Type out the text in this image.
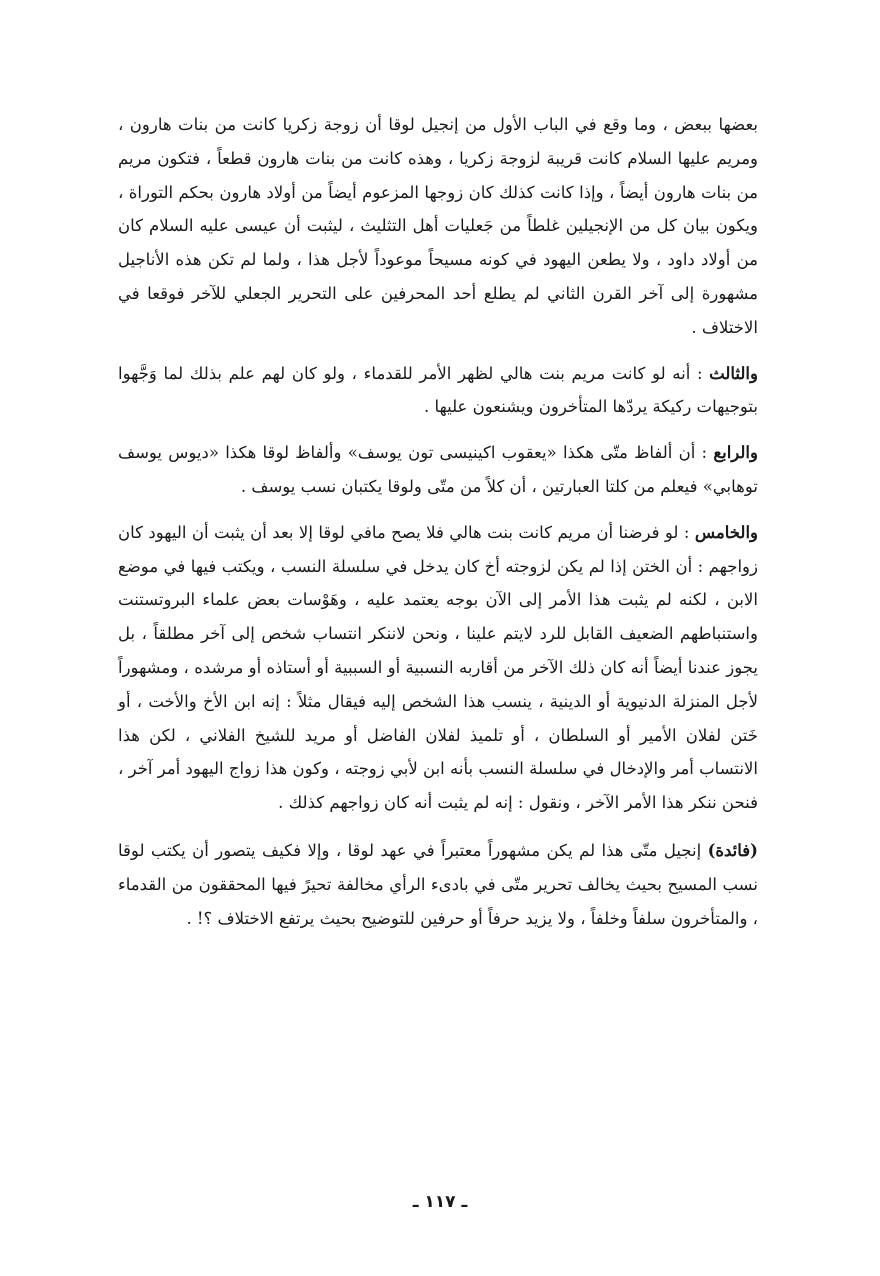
بعضها ببعض ، وما وقع في الباب الأول من إنجيل لوقا أن زوجة زكريا كانت من بنات هارون ، ومريم عليها السلام كانت قريبة لزوجة زكريا ، وهذه كانت من بنات هارون قطعاً ، فتكون مريم من بنات هارون أيضاً ، وإذا كانت كذلك كان زوجها المزعوم أيضاً من أولاد هارون بحكم التوراة ، ويكون بيان كل من الإنجيلين غلطاً من جَعليات أهل التثليث ، ليثبت أن عيسى عليه السلام كان من أولاد داود ، ولا يطعن اليهود في كونه مسيحاً موعوداً لأجل هذا ، ولما لم تكن هذه الأناجيل مشهورة إلى آخر القرن الثاني لم يطلع أحد المحرفين على التحرير الجعلي للآخر فوقعا في الاختلاف .

والثالث : أنه لو كانت مريم بنت هالي لظهر الأمر للقدماء ، ولو كان لهم علم بذلك لما وَجَّهوا بتوجيهات ركيكة يردّها المتأخرون ويشنعون عليها .

والرابع : أن ألفاظ متّى هكذا «يعقوب اكينيسى تون يوسف» وألفاظ لوقا هكذا «ديوس يوسف توهابي» فيعلم من كلتا العبارتين ، أن كلاً من متّى ولوقا يكتبان نسب يوسف .

والخامس : لو فرضنا أن مريم كانت بنت هالي فلا يصح مافي لوقا إلا بعد أن يثبت أن اليهود كان زواجهم : أن الختن إذا لم يكن لزوجته أخ كان يدخل في سلسلة النسب ، ويكتب فيها في موضع الابن ، لكنه لم يثبت هذا الأمر إلى الآن بوجه يعتمد عليه ، وهَوْسات بعض علماء البروتستنت واستنباطهم الضعيف القابل للرد لايتم علينا ، ونحن لاننكر انتساب شخص إلى آخر مطلقاً ، بل يجوز عندنا أيضاً أنه كان ذلك الآخر من أقاربه النسبية أو السببية أو أستاذه أو مرشده ، ومشهوراً لأجل المنزلة الدنيوية أو الدينية ، ينسب هذا الشخص إليه فيقال مثلاً : إنه ابن الأخ والأخت ، أو خَتن لفلان الأمير أو السلطان ، أو تلميذ لفلان الفاضل أو مريد للشيخ الفلاني ، لكن هذا الانتساب أمر والإدخال في سلسلة النسب بأنه ابن لأبي زوجته ، وكون هذا زواج اليهود أمر آخر ، فنحن ننكر هذا الأمر الآخر ، ونقول : إنه لم يثبت أنه كان زواجهم كذلك .

(فائدة) إنجيل متّى هذا لم يكن مشهوراً معتبراً في عهد لوقا ، وإلا فكيف يتصور أن يكتب لوقا نسب المسيح بحيث يخالف تحرير متّى في بادىء الرأي مخالفة تحيرً فيها المحققون من القدماء ، والمتأخرون سلفاً وخلفاً ، ولا يزيد حرفاً أو حرفين للتوضيح بحيث يرتفع الاختلاف ؟! .

ـ ١١٧ ـ
